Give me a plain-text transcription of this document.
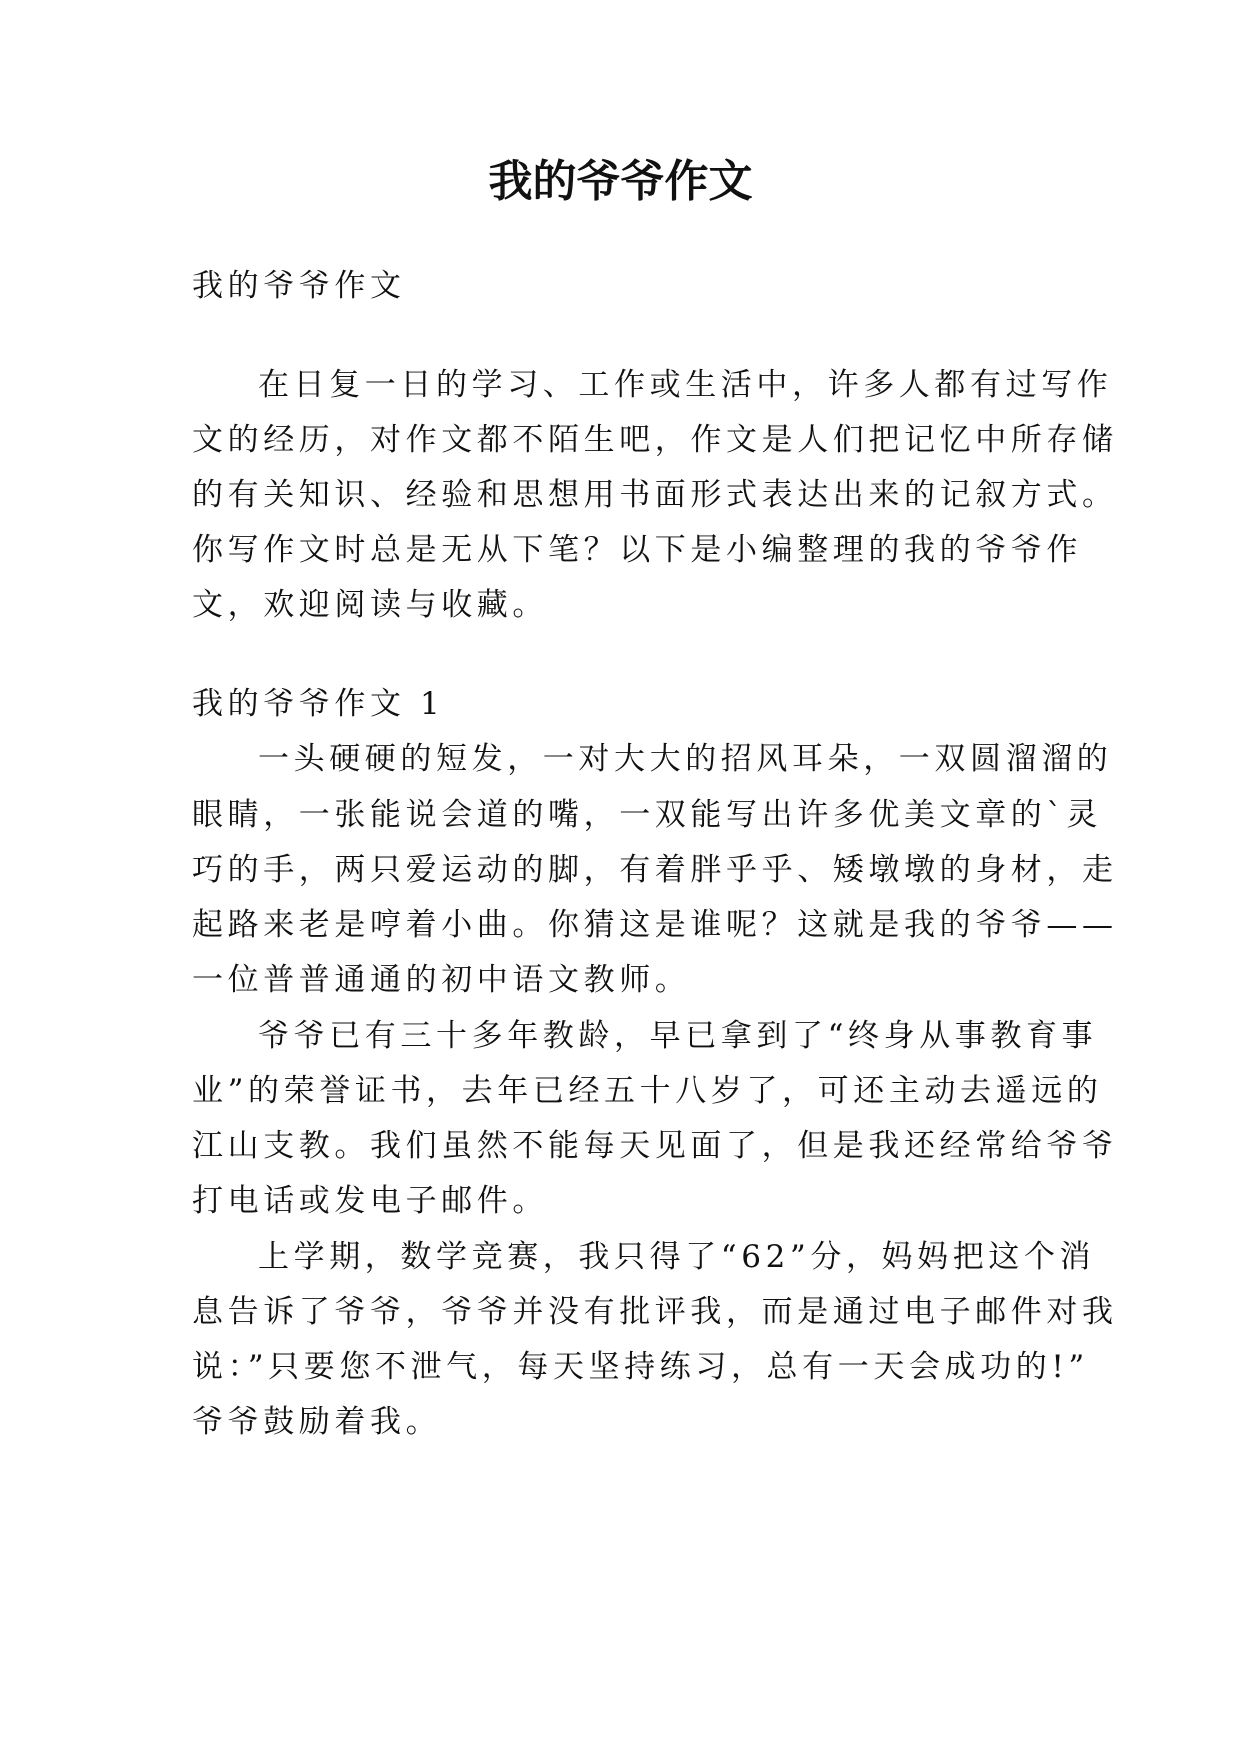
我的爷爷作文
我的爷爷作文
在日复一日的学习、工作或生活中，许多人都有过写作
文的经历，对作文都不陌生吧，作文是人们把记忆中所存储
的有关知识、经验和思想用书面形式表达出来的记叙方式。
你写作文时总是无从下笔？以下是小编整理的我的爷爷作
文，欢迎阅读与收藏。
我的爷爷作文 1
一头硬硬的短发，一对大大的招风耳朵，一双圆溜溜的
眼睛，一张能说会道的嘴，一双能写出许多优美文章的`灵
巧的手，两只爱运动的脚，有着胖乎乎、矮墩墩的身材，走
起路来老是哼着小曲。你猜这是谁呢？这就是我的爷爷——
一位普普通通的初中语文教师。
爷爷已有三十多年教龄，早已拿到了“终身从事教育事
业”的荣誉证书，去年已经五十八岁了，可还主动去遥远的
江山支教。我们虽然不能每天见面了，但是我还经常给爷爷
打电话或发电子邮件。
上学期，数学竞赛，我只得了“62”分，妈妈把这个消
息告诉了爷爷，爷爷并没有批评我，而是通过电子邮件对我
说：”只要您不泄气，每天坚持练习，总有一天会成功的!”
爷爷鼓励着我。
